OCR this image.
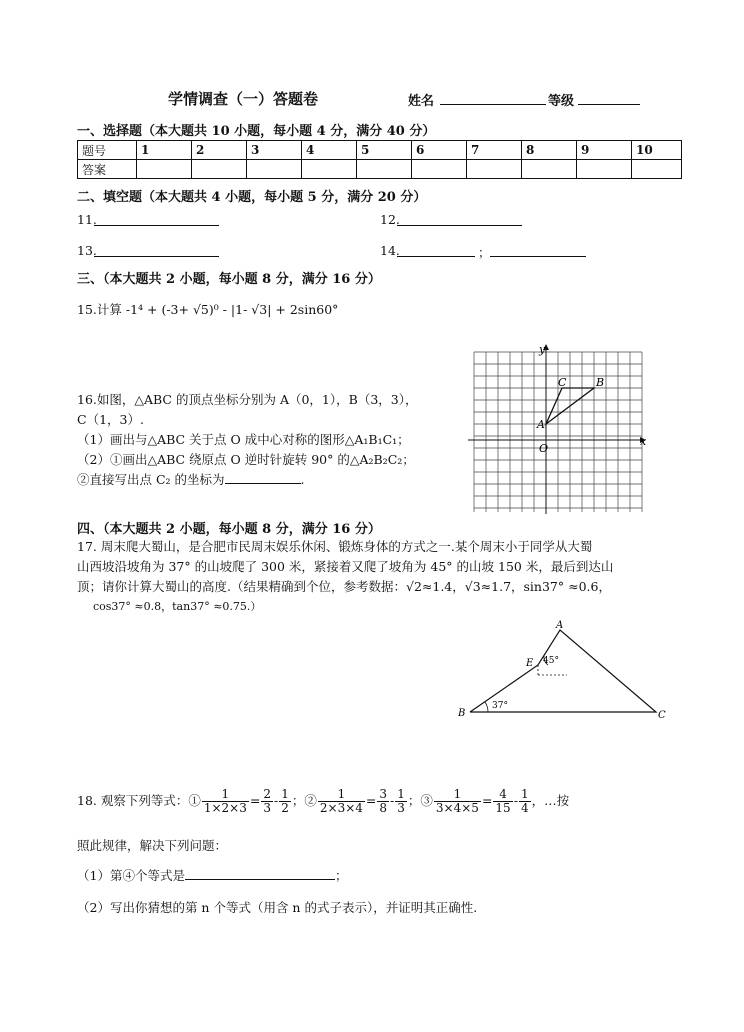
学情调查（一）答题卷	姓名	等级
一、选择题（本大题共 10 小题，每小题 4 分，满分 40 分）
题号	1	2	3	4	5	6	7	8	9	10
答案										
二、填空题（本大题共 4 小题，每小题 5 分，满分 20 分）
11.	12.
13.	14.	；
三、（本大题共 2 小题，每小题 8 分，满分 16 分）
15.计算 -1⁴ + (-3+ √5)⁰ - |1- √3| + 2sin60°
16.如图，△ABC 的顶点坐标分别为 A（0，1），B（3，3），
C（1，3）.
（1）画出与△ABC 关于点 O 成中心对称的图形△A₁B₁C₁；
（2）①画出△ABC 绕原点 O 逆时针旋转 90° 的△A₂B₂C₂；
②直接写出点 C₂ 的坐标为	.
x
y
O
A
B
C
四、（本大题共 2 小题，每小题 8 分，满分 16 分）
17. 周末爬大蜀山，是合肥市民周末娱乐休闲、锻炼身体的方式之一.某个周末小于同学从大蜀
山西坡沿坡角为 37° 的山坡爬了 300 米，紧接着又爬了坡角为 45° 的山坡 150 米，最后到达山
顶；请你计算大蜀山的高度.（结果精确到个位，参考数据：√2≈1.4，√3≈1.7，sin37° ≈0.6，
cos37° ≈0.8，tan37° ≈0.75.）
A
B	C
E
37°
45°
18. 观察下列等式：① $\frac{1}{1\times 2\times 3} = \frac{2}{3} - \frac{1}{2}$ ；② $\frac{1}{2\times 3\times 4} = \frac{3}{8} - \frac{1}{3}$ ；③ $\frac{1}{3\times 4\times 5} = \frac{4}{15} - \frac{1}{4}$ ，…按
照此规律，解决下列问题：
（1）第④个等式是	；
（2）写出你猜想的第 n 个等式（用含 n 的式子表示），并证明其正确性.
